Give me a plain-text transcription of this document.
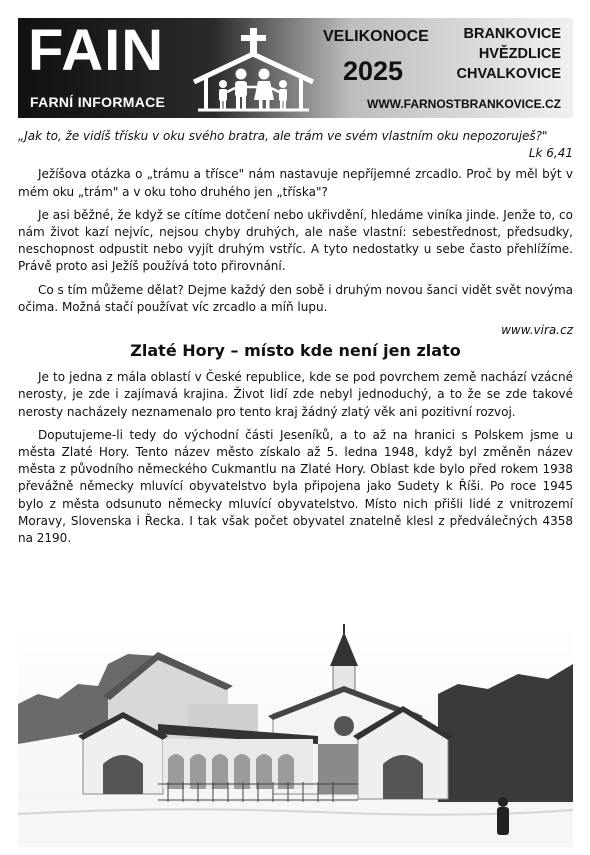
FAIN
FARNÍ INFORMACE
VELIKONOCE
2025
BRANKOVICE
HVĚZDLICE
CHVALKOVICE
WWW.FARNOSTBRANKOVICE.CZ

„Jak to, že vidíš třísku v oku svého bratra, ale trám ve svém vlastním oku nepozoruješ?"

Lk 6,41

Ježíšova otázka o „trámu a třísce" nám nastavuje nepříjemné zrcadlo. Proč by měl být v mém oku „trám" a v oku toho druhého jen „tříska"?

Je asi běžné, že když se cítíme dotčení nebo ukřivdění, hledáme viníka jinde. Jenže to, co nám život kazí nejvíc, nejsou chyby druhých, ale naše vlastní: sebestřednost, předsudky, neschopnost odpustit nebo vyjít druhým vstříc. A tyto nedostatky u sebe často přehlížíme. Právě proto asi Ježíš používá toto přirovnání.

Co s tím můžeme dělat? Dejme každý den sobě i druhým novou šanci vidět svět novýma očima. Možná stačí používat víc zrcadlo a míň lupu.

www.vira.cz

Zlaté Hory – místo kde není jen zlato

Je to jedna z mála oblastí v České republice, kde se pod povrchem země nachází vzácné nerosty, je zde i zajímavá krajina. Život lidí zde nebyl jednoduchý, a to že se zde takové nerosty nacházely neznamenalo pro tento kraj žádný zlatý věk ani pozitivní rozvoj.

Doputujeme-li tedy do východní části Jeseníků, a to až na hranici s Polskem jsme u města Zlaté Hory. Tento název město získalo až 5. ledna 1948, když byl změněn název města z původního německého Cukmantlu na Zlaté Hory. Oblast kde bylo před rokem 1938 převážně německy mluvící obyvatelstvo byla připojena jako Sudety k Říši. Po roce 1945 bylo z města odsunuto německy mluvící obyvatelstvo. Místo nich přišli lidé z vnitrozemí Moravy, Slovenska i Řecka. I tak však počet obyvatel znatelně klesl z předválečných 4358 na 2190.
